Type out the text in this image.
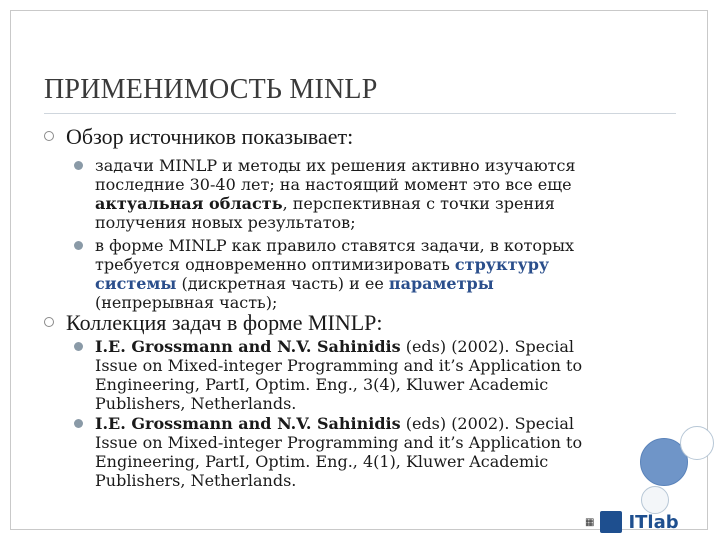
ПРИМЕНИМОСТЬ MINLP
Обзор источников показывает:
задачи MINLP и методы их решения активно изучаются последние 30-40 лет; на настоящий момент это все еще актуальная область, перспективная с точки зрения получения новых результатов;
в форме MINLP как правило ставятся задачи, в которых требуется одновременно оптимизировать структуру системы (дискретная часть) и ее параметры (непрерывная часть);
Коллекция задач в форме MINLP:
I.E. Grossmann and N.V. Sahinidis (eds) (2002). Special Issue on Mixed-integer Programming and it’s Application to Engineering, PartI, Optim. Eng., 3(4), Kluwer Academic Publishers, Netherlands.
I.E. Grossmann and N.V. Sahinidis (eds) (2002). Special Issue on Mixed-integer Programming and it’s Application to Engineering, PartI, Optim. Eng., 4(1), Kluwer Academic Publishers, Netherlands.
▦ ITlab
